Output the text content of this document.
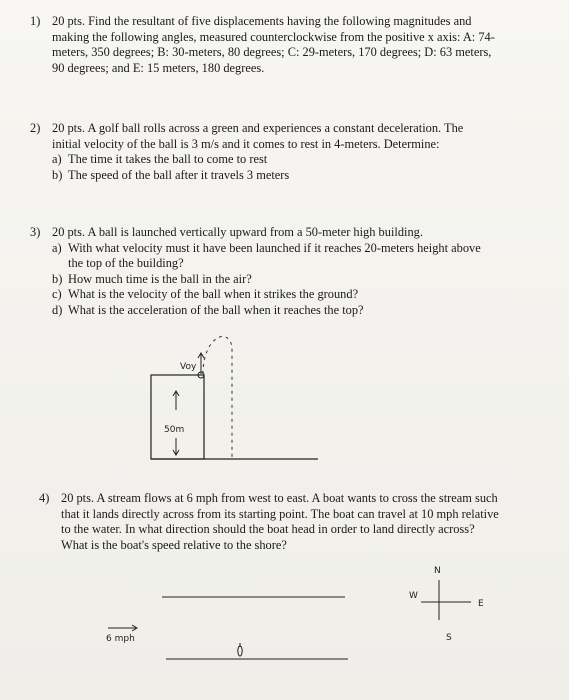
1) 20 pts. Find the resultant of five displacements having the following magnitudes and
making the following angles, measured counterclockwise from the positive x axis: A: 74-
meters, 350 degrees; B: 30-meters, 80 degrees; C: 29-meters, 170 degrees; D: 63 meters,
90 degrees; and E: 15 meters, 180 degrees.
2) 20 pts. A golf ball rolls across a green and experiences a constant deceleration. The
initial velocity of the ball is 3 m/s and it comes to rest in 4-meters. Determine:
a) The time it takes the ball to come to rest
b) The speed of the ball after it travels 3 meters
3) 20 pts. A ball is launched vertically upward from a 50-meter high building.
a) With what velocity must it have been launched if it reaches 20-meters height above
the top of the building?
b) How much time is the ball in the air?
c) What is the velocity of the ball when it strikes the ground?
d) What is the acceleration of the ball when it reaches the top?
50m
Voy
4) 20 pts. A stream flows at 6 mph from west to east. A boat wants to cross the stream such
that it lands directly across from its starting point. The boat can travel at 10 mph relative
to the water. In what direction should the boat head in order to land directly across?
What is the boat's speed relative to the shore?
6 mph
N
S
E
W
